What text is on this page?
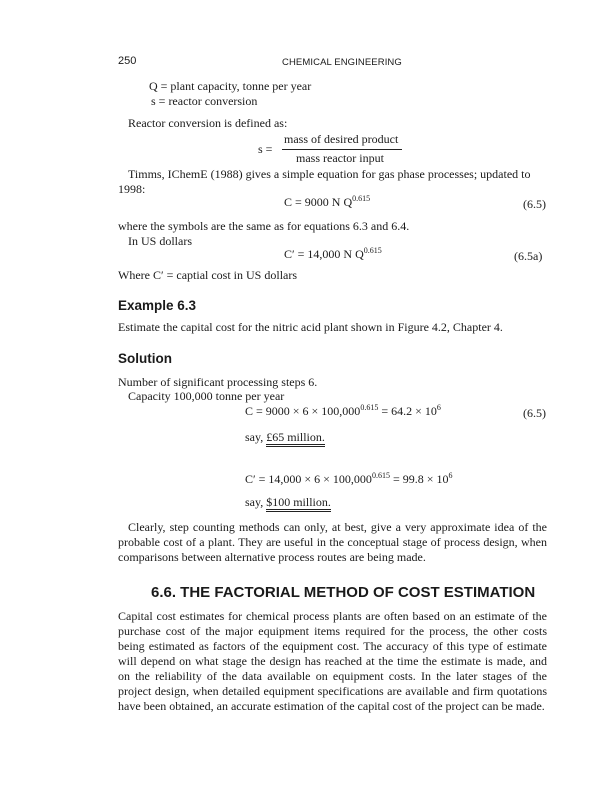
250	CHEMICAL ENGINEERING
Q = plant capacity, tonne per year
s = reactor conversion
Reactor conversion is defined as:
s =
mass of desired product
mass reactor input
Timms, IChemE (1988) gives a simple equation for gas phase processes; updated to
1998:
C = 9000 N $Q^{0.615}$	(6.5)
where the symbols are the same as for equations 6.3 and 6.4.
In US dollars
C′ = 14,000 N $Q^{0.615}$	(6.5a)
Where C′ = captial cost in US dollars
Example 6.3
Estimate the capital cost for the nitric acid plant shown in Figure 4.2, Chapter 4.
Solution
Number of significant processing steps 6.
Capacity 100,000 tonne per year
$C = 9000 \times 6 \times 100,000^{0.615} = 64.2 \times 10^6$	(6.5)
say, £65 million.
$C' = 14,000 \times 6 \times 100,000^{0.615} = 99.8 \times 10^6$
say, $100 million.
Clearly, step counting methods can only, at best, give a very approximate idea of the probable cost of a plant. They are useful in the conceptual stage of process design, when comparisons between alternative process routes are being made.
6.6. THE FACTORIAL METHOD OF COST ESTIMATION
Capital cost estimates for chemical process plants are often based on an estimate of the purchase cost of the major equipment items required for the process, the other costs being estimated as factors of the equipment cost. The accuracy of this type of estimate will depend on what stage the design has reached at the time the estimate is made, and on the reliability of the data available on equipment costs. In the later stages of the project design, when detailed equipment specifications are available and firm quotations have been obtained, an accurate estimation of the capital cost of the project can be made.
